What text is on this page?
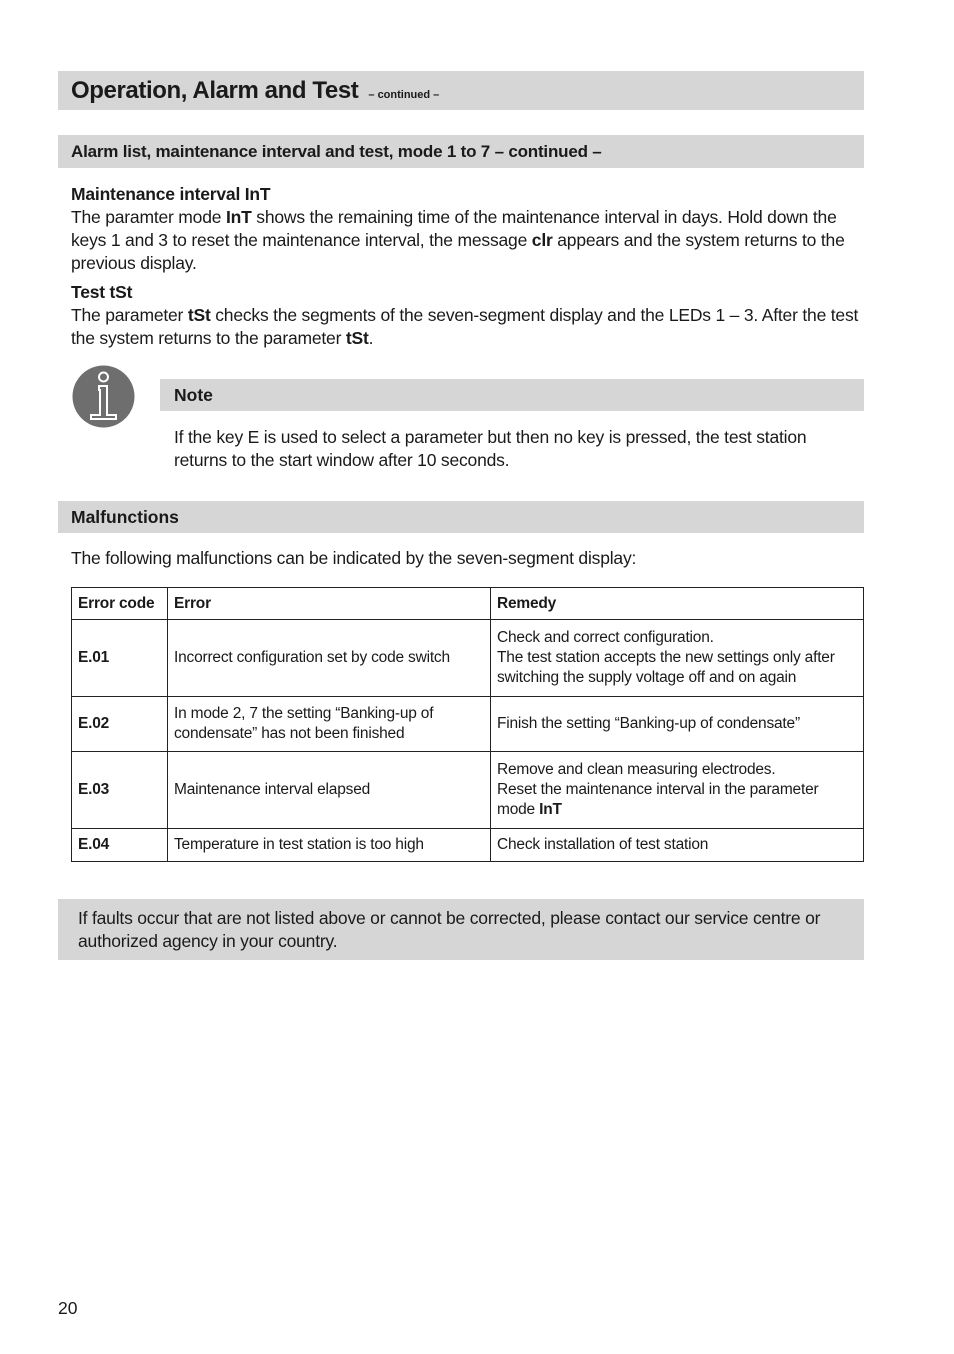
Operation, Alarm and Test – continued –
Alarm list, maintenance interval and test, mode 1 to 7 – continued –
Maintenance interval InT
The paramter mode InT shows the remaining time of the maintenance interval in days. Hold down the keys 1 and 3 to reset the maintenance interval, the message clr appears and the system returns to the previous display.
Test tSt
The parameter tSt checks the segments of the seven-segment display and the LEDs 1 – 3. After the test the system returns to the parameter tSt.
Note
If the key E is used to select a parameter but then no key is pressed, the test station returns to the start window after 10 seconds.
Malfunctions
The following malfunctions can be indicated by the seven-segment display:
Error code	Error	Remedy
E.01	Incorrect configuration set by code switch	Check and correct configuration.
The test station accepts the new settings only after switching the supply voltage off and on again

E.02	In mode 2, 7 the setting “Banking-up of condensate” has not been finished	Finish the setting “Banking-up of condensate”
E.03	Maintenance interval elapsed	Remove and clean measuring electrodes.
Reset the maintenance interval in the parameter mode InT

E.04	Temperature in test station is too high	Check installation of test station
If faults occur that are not listed above or cannot be corrected, please contact our service centre or authorized agency in your country.
20
